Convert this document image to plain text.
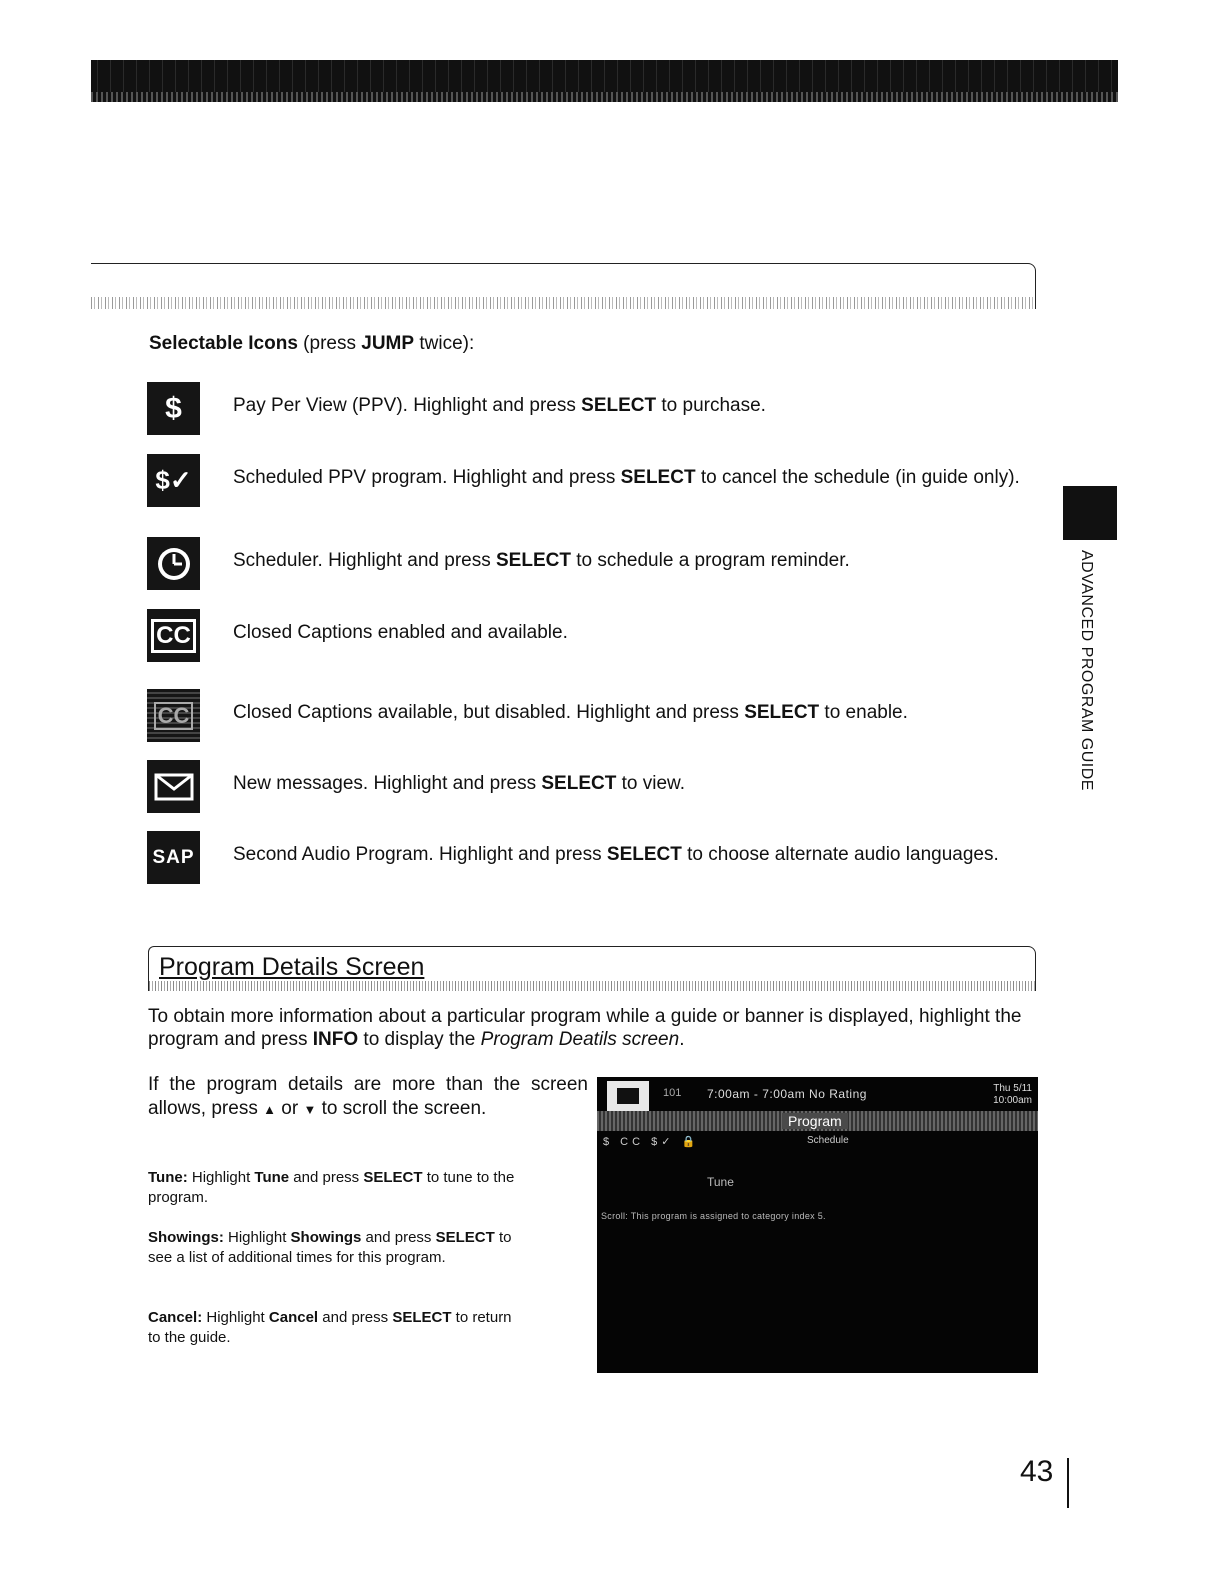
Selectable Icons (press JUMP twice):
$	Pay Per View (PPV). Highlight and press SELECT to purchase.
$✓ Scheduled PPV program. Highlight and press SELECT to cancel the schedule (in guide only).
Scheduler. Highlight and press SELECT to schedule a program reminder.
CC Closed Captions enabled and available.
CC Closed Captions available, but disabled. Highlight and press SELECT to enable.
New messages. Highlight and press SELECT to view.
SAP Second Audio Program. Highlight and press SELECT to choose alternate audio languages.
Program Details Screen
To obtain more information about a particular program while a guide or banner is displayed, highlight the program and press INFO to display the Program Deatils screen.
If the program details are more than the screen allows, press ▲ or ▼ to scroll the screen.
Tune: Highlight Tune and press SELECT to tune to the program.
Showings: Highlight Showings and press SELECT to see a list of additional times for this program.
Cancel: Highlight Cancel and press SELECT to return to the guide.
101 7:00am - 7:00am No Rating	Thu 5/11
10:00am
Program
$ CC $✓ 🔒	Schedule
Tune
Scroll: This program is assigned to category index 5.
ADVANCED PROGRAM GUIDE
43
